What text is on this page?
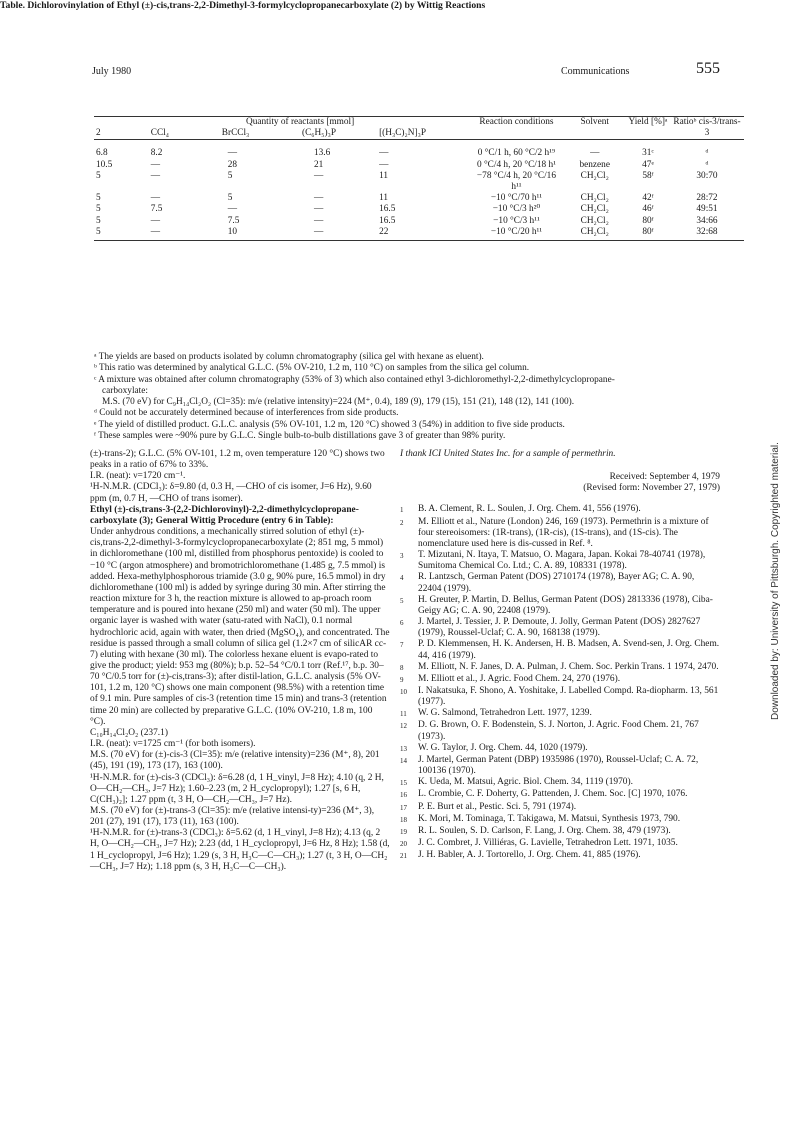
July 1980	Communications	555
Table. Dichlorovinylation of Ethyl (±)-cis,trans-2,2-Dimethyl-3-formylcyclopropanecarboxylate (2) by Wittig Reactions
	Quantity of reactants [mmol]				Reaction conditions	Solvent	Yield [%]ᵃ	Ratioᵇ cis-3/trans-3
2	CCl₄	BrCCl₃	(C₆H₅)₃P	[(H₃C)₂N]₃P				

6.8	8.2	—	13.6	—	0 °C/1 h, 60 °C/2 h¹⁹	—	31ᶜ	ᵈ
10.5	—	28	21	—	0 °C/4 h, 20 °C/18 h¹	benzene	47ᵉ	ᵈ
5	—	5	—	11	−78 °C/4 h, 20 °C/16 h¹¹	CH₂Cl₂	58ᶠ	30:70
5	—	5	—	11	−10 °C/70 h¹¹	CH₂Cl₂	42ᶠ	28:72
5	7.5	—	—	16.5	−10 °C/3 h²⁰	CH₂Cl₂	46ᶠ	49:51
5	—	7.5	—	16.5	−10 °C/3 h¹¹	CH₂Cl₂	80ᶠ	34:66
5	—	10	—	22	−10 °C/20 h¹¹	CH₂Cl₂	80ᶠ	32:68

ᵃ The yields are based on products isolated by column chromatography (silica gel with hexane as eluent).
ᵇ This ratio was determined by analytical G.L.C. (5% OV-210, 1.2 m, 110 °C) on samples from the silica gel column.
ᶜ A mixture was obtained after column chromatography (53% of 3) which also contained ethyl 3-dichloromethyl-2,2-dimethylcyclopropane-
carboxylate:
M.S. (70 eV) for C₉H₁₄Cl₂O₂ (Cl=35): m/e (relative intensity)=224 (M⁺, 0.4), 189 (9), 179 (15), 151 (21), 148 (12), 141 (100).
ᵈ Could not be accurately determined because of interferences from side products.
ᵉ The yield of distilled product. G.L.C. analysis (5% OV-101, 1.2 m, 120 °C) showed 3 (54%) in addition to five side products.
ᶠ These samples were ~90% pure by G.L.C. Single bulb-to-bulb distillations gave 3 of greater than 98% purity.

(±)-trans-2); G.L.C. (5% OV-101, 1.2 m, oven temperature 120 °C) shows two peaks in a ratio of 67% to 33%.

I.R. (neat): ν=1720 cm⁻¹.

¹H-N.M.R. (CDCl₃): δ=9.80 (d, 0.3 H, —CHO of cis isomer, J=6 Hz), 9.60 ppm (m, 0.7 H, —CHO of trans isomer).

Ethyl (±)-cis,trans-3-(2,2-Dichlorovinyl)-2,2-dimethylcyclopropane-carboxylate (3); General Wittig Procedure (entry 6 in Table):

Under anhydrous conditions, a mechanically stirred solution of ethyl (±)-cis,trans-2,2-dimethyl-3-formylcyclopropanecarboxylate (2; 851 mg, 5 mmol) in dichloromethane (100 ml, distilled from phosphorus pentoxide) is cooled to −10 °C (argon atmosphere) and bromotrichloromethane (1.485 g, 7.5 mmol) is added. Hexa-methylphosphorous triamide (3.0 g, 90% pure, 16.5 mmol) in dry dichloromethane (100 ml) is added by syringe during 30 min. After stirring the reaction mixture for 3 h, the reaction mixture is allowed to ap-proach room temperature and is poured into hexane (250 ml) and water (50 ml). The upper organic layer is washed with water (satu-rated with NaCl), 0.1 normal hydrochloric acid, again with water, then dried (MgSO₄), and concentrated. The residue is passed through a small column of silica gel (1.2×7 cm of silicAR cc-7) eluting with hexane (30 ml). The colorless hexane eluent is evapo-rated to give the product; yield: 953 mg (80%); b.p. 52–54 °C/0.1 torr (Ref.¹⁷, b.p. 30–70 °C/0.5 torr for (±)-cis,trans-3); after distil-lation, G.L.C. analysis (5% OV-101, 1.2 m, 120 °C) shows one main component (98.5%) with a retention time of 9.1 min. Pure samples of cis-3 (retention time 15 min) and trans-3 (retention time 20 min) are collected by preparative G.L.C. (10% OV-210, 1.8 m, 100 °C).

C₁₀H₁₄Cl₂O₂ (237.1)

I.R. (neat): ν=1725 cm⁻¹ (for both isomers).

M.S. (70 eV) for (±)-cis-3 (Cl=35): m/e (relative intensity)=236 (M⁺, 8), 201 (45), 191 (19), 173 (17), 163 (100).

¹H-N.M.R. for (±)-cis-3 (CDCl₃): δ=6.28 (d, 1 H_vinyl, J=8 Hz); 4.10 (q, 2 H, O—CH₂—CH₃, J=7 Hz); 1.60–2.23 (m, 2 H_cyclopropyl); 1.27 [s, 6 H, C(CH₃)₂]; 1.27 ppm (t, 3 H, O—CH₂—CH₃, J=7 Hz).

M.S. (70 eV) for (±)-trans-3 (Cl=35): m/e (relative intensi-ty)=236 (M⁺, 3), 201 (27), 191 (17), 173 (11), 163 (100).

¹H-N.M.R. for (±)-trans-3 (CDCl₃): δ=5.62 (d, 1 H_vinyl, J=8 Hz); 4.13 (q, 2 H, O—CH₂—CH₃, J=7 Hz); 2.23 (dd, 1 H_cyclopropyl, J=6 Hz, 8 Hz); 1.58 (d, 1 H_cyclopropyl, J=6 Hz); 1.29 (s, 3 H, H₃C—C—CH₃); 1.27 (t, 3 H, O—CH₂—CH₃, J=7 Hz); 1.18 ppm (s, 3 H, H₃C—C—CH₃).

I thank ICI United States Inc. for a sample of permethrin.
Received: September 4, 1979
(Revised form: November 27, 1979)
1	B. A. Clement, R. L. Soulen, J. Org. Chem. 41, 556 (1976).
2	M. Elliott et al., Nature (London) 246, 169 (1973). Permethrin is a mixture of four stereoisomers: (1R-trans), (1R-cis), (1S-trans), and (1S-cis). The nomenclature used here is dis-cussed in Ref. ⁸.
3	T. Mizutani, N. Itaya, T. Matsuo, O. Magara, Japan. Kokai 78-40741 (1978), Sumitoma Chemical Co. Ltd.; C. A. 89, 108331 (1978).
4	R. Lantzsch, German Patent (DOS) 2710174 (1978), Bayer AG; C. A. 90, 22404 (1979).
5	H. Greuter, P. Martin, D. Bellus, German Patent (DOS) 2813336 (1978), Ciba-Geigy AG; C. A. 90, 22408 (1979).
6	J. Martel, J. Tessier, J. P. Demoute, J. Jolly, German Patent (DOS) 2827627 (1979), Roussel-Uclaf; C. A. 90, 168138 (1979).
7	P. D. Klemmensen, H. K. Andersen, H. B. Madsen, A. Svend-sen, J. Org. Chem. 44, 416 (1979).
8	M. Elliott, N. F. Janes, D. A. Pulman, J. Chem. Soc. Perkin Trans. 1 1974, 2470.
9	M. Elliott et al., J. Agric. Food Chem. 24, 270 (1976).
10	I. Nakatsuka, F. Shono, A. Yoshitake, J. Labelled Compd. Ra-diopharm. 13, 561 (1977).
11	W. G. Salmond, Tetrahedron Lett. 1977, 1239.
12	D. G. Brown, O. F. Bodenstein, S. J. Norton, J. Agric. Food Chem. 21, 767 (1973).
13	W. G. Taylor, J. Org. Chem. 44, 1020 (1979).
14	J. Martel, German Patent (DBP) 1935986 (1970), Roussel-Uclaf; C. A. 72, 100136 (1970).
15	K. Ueda, M. Matsui, Agric. Biol. Chem. 34, 1119 (1970).
16	L. Crombie, C. F. Doherty, G. Pattenden, J. Chem. Soc. [C] 1970, 1076.
17	P. E. Burt et al., Pestic. Sci. 5, 791 (1974).
18	K. Mori, M. Tominaga, T. Takigawa, M. Matsui, Synthesis 1973, 790.
19	R. L. Soulen, S. D. Carlson, F. Lang, J. Org. Chem. 38, 479 (1973).
20	J. C. Combret, J. Villiéras, G. Lavielle, Tetrahedron Lett. 1971, 1035.
21	J. H. Babler, A. J. Tortorello, J. Org. Chem. 41, 885 (1976).
Downloaded by: University of Pittsburgh. Copyrighted material.
